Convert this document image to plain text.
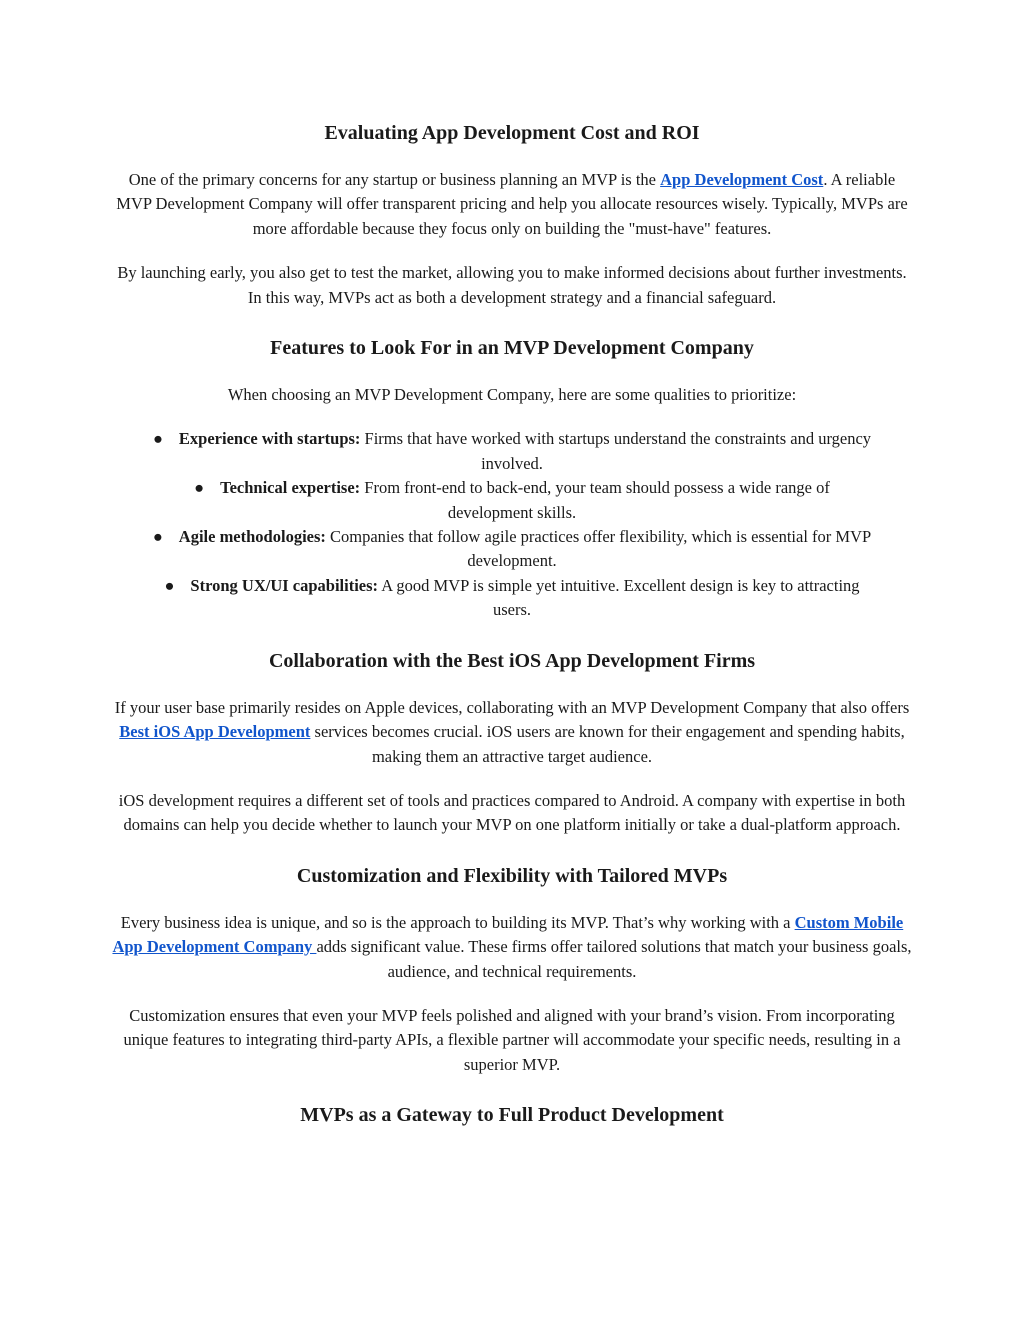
Evaluating App Development Cost and ROI

One of the primary concerns for any startup or business planning an MVP is the App Development Cost. A reliable MVP Development Company will offer transparent pricing and help you allocate resources wisely. Typically, MVPs are more affordable because they focus only on building the "must-have" features.

By launching early, you also get to test the market, allowing you to make informed decisions about further investments. In this way, MVPs act as both a development strategy and a financial safeguard.

Features to Look For in an MVP Development Company

When choosing an MVP Development Company, here are some qualities to prioritize:

● Experience with startups: Firms that have worked with startups understand the constraints and urgency involved.
● Technical expertise: From front-end to back-end, your team should possess a wide range of development skills.
● Agile methodologies: Companies that follow agile practices offer flexibility, which is essential for MVP development.
● Strong UX/UI capabilities: A good MVP is simple yet intuitive. Excellent design is key to attracting users.
Collaboration with the Best iOS App Development Firms

If your user base primarily resides on Apple devices, collaborating with an MVP Development Company that also offers Best iOS App Development services becomes crucial. iOS users are known for their engagement and spending habits, making them an attractive target audience.

iOS development requires a different set of tools and practices compared to Android. A company with expertise in both domains can help you decide whether to launch your MVP on one platform initially or take a dual-platform approach.

Customization and Flexibility with Tailored MVPs

Every business idea is unique, and so is the approach to building its MVP. That’s why working with a Custom Mobile App Development Company adds significant value. These firms offer tailored solutions that match your business goals, audience, and technical requirements.

Customization ensures that even your MVP feels polished and aligned with your brand’s vision. From incorporating unique features to integrating third-party APIs, a flexible partner will accommodate your specific needs, resulting in a superior MVP.

MVPs as a Gateway to Full Product Development
